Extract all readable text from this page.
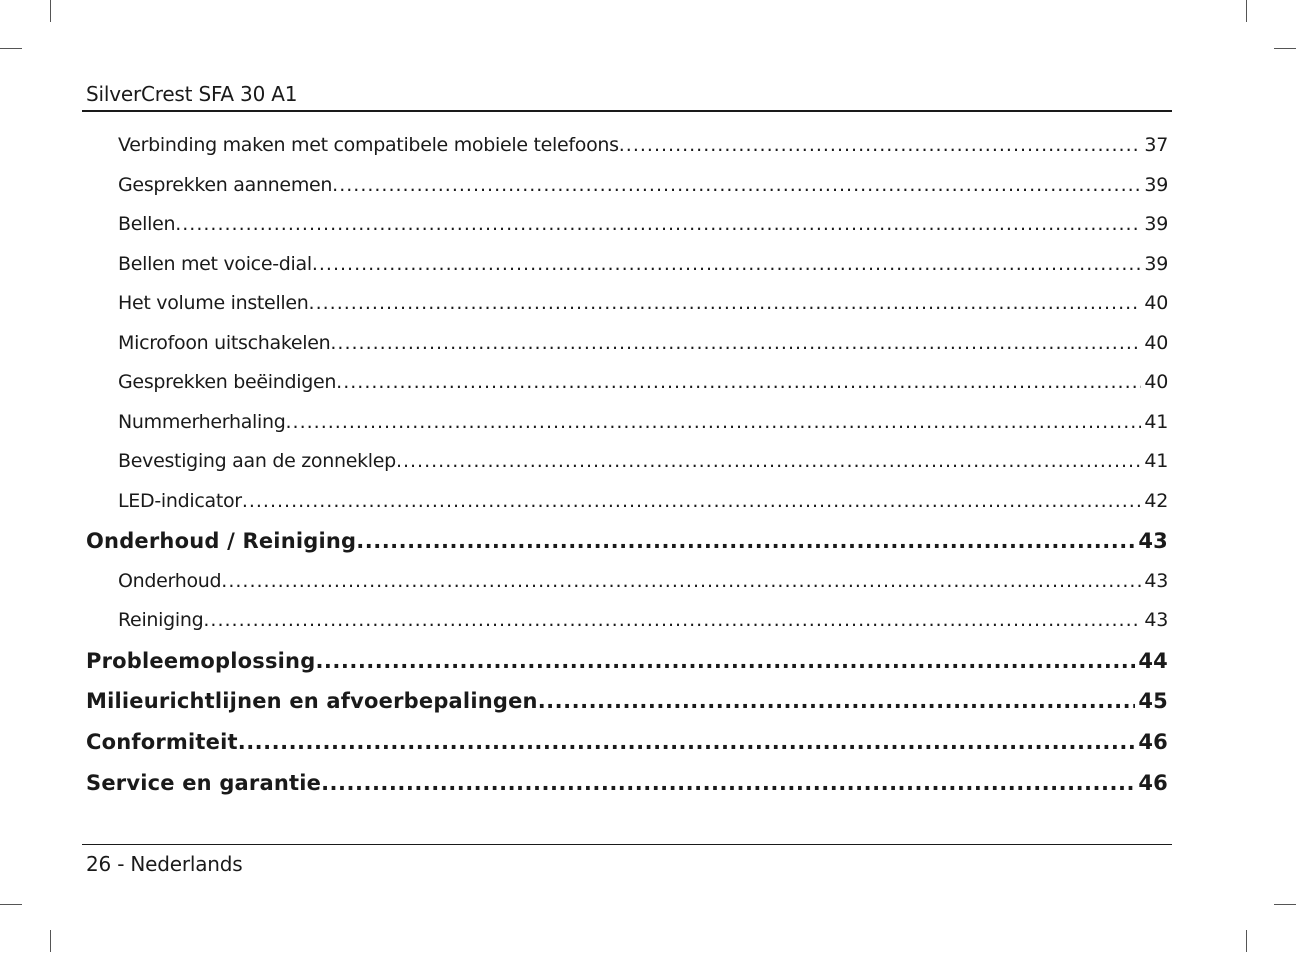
SilverCrest SFA 30 A1
Verbinding maken met compatibele mobiele telefoons .....	37
Gesprekken aannemen .....	39
Bellen .....	39
Bellen met voice-dial .....	39
Het volume instellen .....	40
Microfoon uitschakelen .....	40
Gesprekken beëindigen .....	40
Nummerherhaling .....	41
Bevestiging aan de zonneklep .....	41
LED-indicator .....	42
Onderhoud / Reiniging .....	43
Onderhoud .....	43
Reiniging .....	43
Probleemoplossing .....	44
Milieurichtlijnen en afvoerbepalingen .....	45
Conformiteit .....	46
Service en garantie .....	46
26 - Nederlands
